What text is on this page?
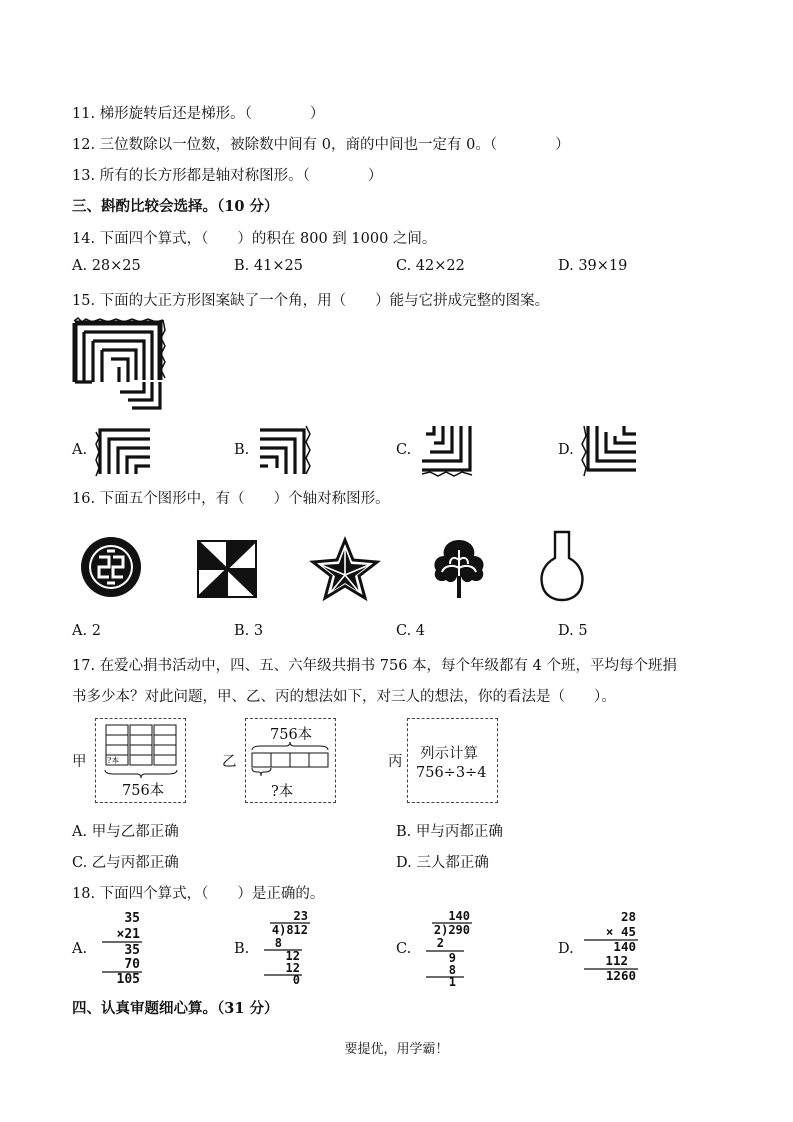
11. 梯形旋转后还是梯形。（　　　　）
12. 三位数除以一位数，被除数中间有 0，商的中间也一定有 0。（　　　　）
13. 所有的长方形都是轴对称图形。（　　　　）
三、斟酌比较会选择。（10 分）
14. 下面四个算式，（　　）的积在 800 到 1000 之间。
A. 28×25	B. 41×25	C. 42×22	D. 39×19
15. 下面的大正方形图案缺了一个角，用（　　）能与它拼成完整的图案。
A.	B.	C.	D.
16. 下面五个图形中，有（　　）个轴对称图形。
A. 2	B. 3	C. 4	D. 5
17. 在爱心捐书活动中，四、五、六年级共捐书 756 本，每个年级都有 4 个班，平均每个班捐
书多少本？对此问题，甲、乙、丙的想法如下，对三人的想法，你的看法是（　　）。
甲	?本
756本
乙
756本
?本
丙 列示计算
756÷3÷4
A. 甲与乙都正确	B. 甲与丙都正确
C. 乙与丙都正确	D. 三人都正确
18. 下面四个算式，（　　）是正确的。
A.
35
×21
35
70
105
B.
23
4)812
8
12
12
0
C.
140
2)290
2
9
8
1
D.
28
× 45
140
112
1260
四、认真审题细心算。（31 分）
要提优，用学霸！
